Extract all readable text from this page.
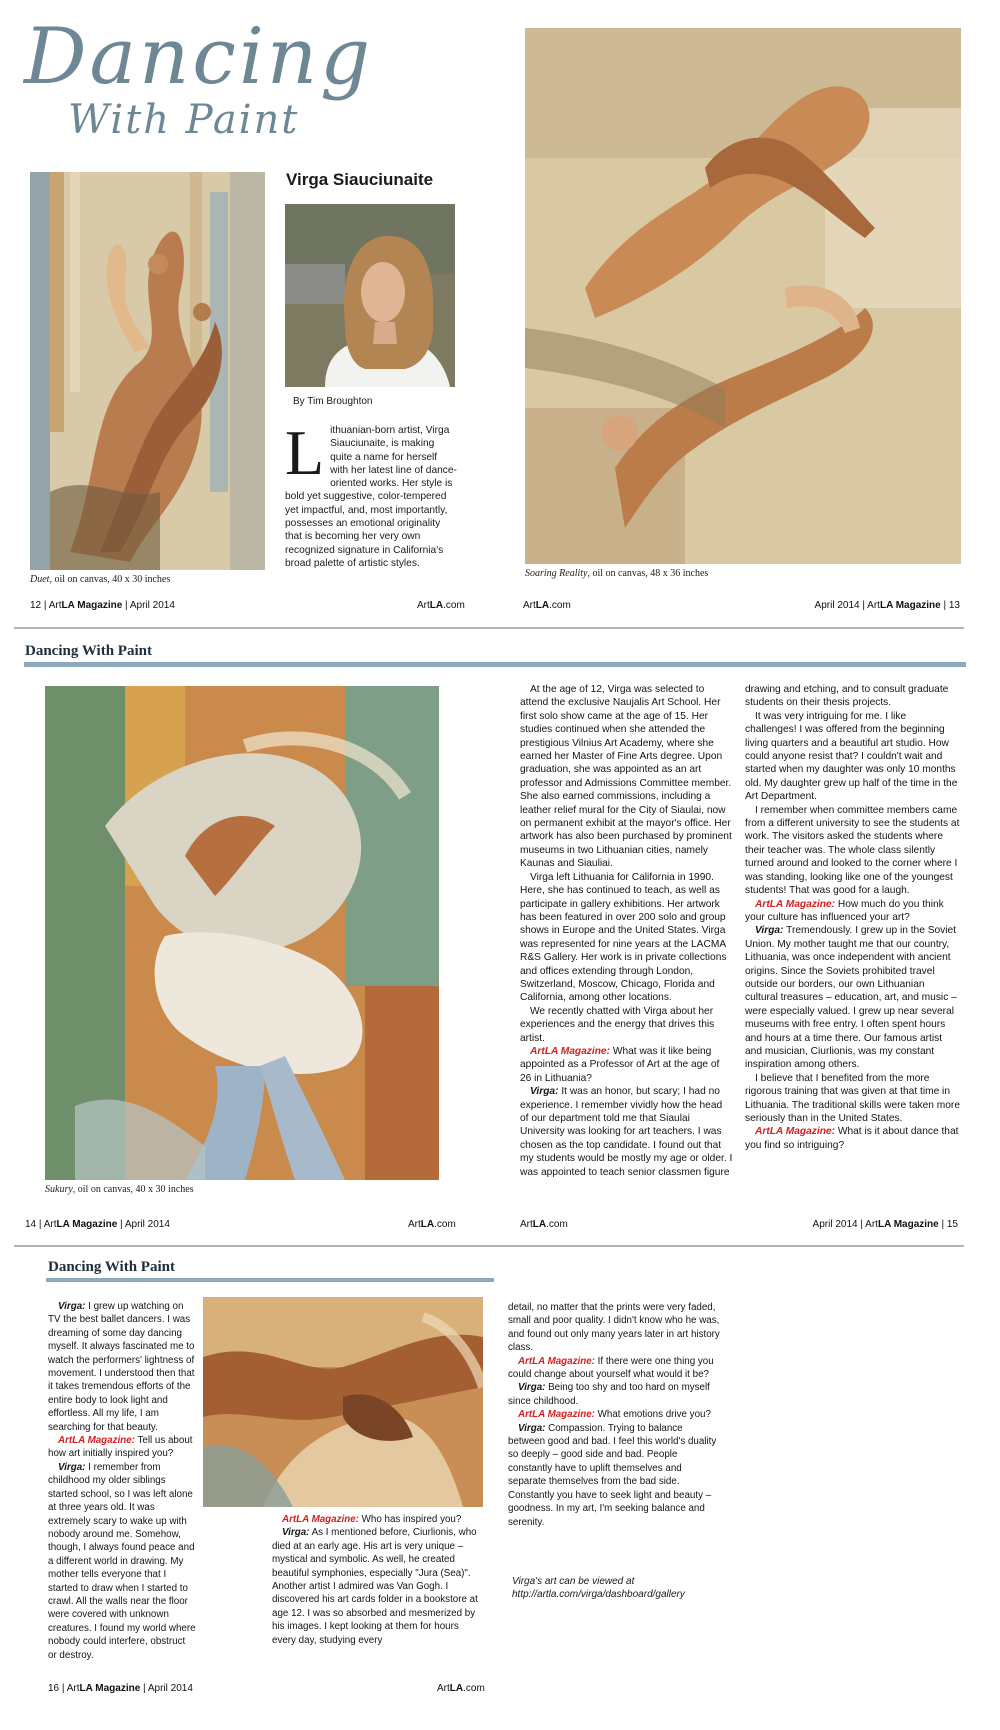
Dancing
With Paint
Duet, oil on canvas, 40 x 30 inches
Virga Siauciunaite
By Tim Broughton
Lithuanian-born artist, Virga Siauciunaite, is making quite a name for herself with her latest line of dance-oriented works. Her style is bold yet suggestive, color-tempered yet impactful, and, most importantly, possesses an emotional originality that is becoming her very own recognized signature in California's broad palette of artistic styles.
Soaring Reality, oil on canvas, 48 x 36 inches
12 | ArtLA Magazine | April 2014	ArtLA.com	ArtLA.com	April 2014 | ArtLA Magazine | 13
Dancing With Paint
Sukury, oil on canvas, 40 x 30 inches

At the age of 12, Virga was selected to attend the exclusive Naujalis Art School. Her first solo show came at the age of 15. Her studies continued when she attended the prestigious Vilnius Art Academy, where she earned her Master of Fine Arts degree. Upon graduation, she was appointed as an art professor and Admissions Committee member. She also earned commissions, including a leather relief mural for the City of Siaulai, now on permanent exhibit at the mayor's office. Her artwork has also been purchased by prominent museums in two Lithuanian cities, namely Kaunas and Siauliai.

Virga left Lithuania for California in 1990. Here, she has continued to teach, as well as participate in gallery exhibitions. Her artwork has been featured in over 200 solo and group shows in Europe and the United States. Virga was represented for nine years at the LACMA R&S Gallery. Her work is in private collections and offices extending through London, Switzerland, Moscow, Chicago, Florida and California, among other locations.

We recently chatted with Virga about her experiences and the energy that drives this artist.

ArtLA Magazine: What was it like being appointed as a Professor of Art at the age of 26 in Lithuania?

Virga: It was an honor, but scary; I had no experience. I remember vividly how the head of our department told me that Siaulai University was looking for art teachers. I was chosen as the top candidate. I found out that my students would be mostly my age or older. I was appointed to teach senior classmen figure

drawing and etching, and to consult graduate students on their thesis projects.

It was very intriguing for me. I like challenges! I was offered from the beginning living quarters and a beautiful art studio. How could anyone resist that? I couldn't wait and started when my daughter was only 10 months old. My daughter grew up half of the time in the Art Department.

I remember when committee members came from a different university to see the students at work. The visitors asked the students where their teacher was. The whole class silently turned around and looked to the corner where I was standing, looking like one of the youngest students! That was good for a laugh.

ArtLA Magazine: How much do you think your culture has influenced your art?

Virga: Tremendously. I grew up in the Soviet Union. My mother taught me that our country, Lithuania, was once independent with ancient origins. Since the Soviets prohibited travel outside our borders, our own Lithuanian cultural treasures – education, art, and music – were especially valued. I grew up near several museums with free entry. I often spent hours and hours at a time there. Our famous artist and musician, Ciurlionis, was my constant inspiration among others.

I believe that I benefited from the more rigorous training that was given at that time in Lithuania. The traditional skills were taken more seriously than in the United States.

ArtLA Magazine: What is it about dance that you find so intriguing?

14 | ArtLA Magazine | April 2014	ArtLA.com	ArtLA.com	April 2014 | ArtLA Magazine | 15
Dancing With Paint

Virga: I grew up watching on TV the best ballet dancers. I was dreaming of some day dancing myself. It always fascinated me to watch the performers' lightness of movement. I understood then that it takes tremendous efforts of the entire body to look light and effortless. All my life, I am searching for that beauty.

ArtLA Magazine: Tell us about how art initially inspired you?

Virga: I remember from childhood my older siblings started school, so I was left alone at three years old. It was extremely scary to wake up with nobody around me. Somehow, though, I always found peace and a different world in drawing. My mother tells everyone that I started to draw when I started to crawl. All the walls near the floor were covered with unknown creatures. I found my world where nobody could interfere, obstruct or destroy.

ArtLA Magazine: Who has inspired you?

Virga: As I mentioned before, Ciurlionis, who died at an early age. His art is very unique – mystical and symbolic. As well, he created beautiful symphonies, especially "Jura (Sea)". Another artist I admired was Van Gogh. I discovered his art cards folder in a bookstore at age 12. I was so absorbed and mesmerized by his images. I kept looking at them for hours every day, studying every

detail, no matter that the prints were very faded, small and poor quality. I didn't know who he was, and found out only many years later in art history class.

ArtLA Magazine: If there were one thing you could change about yourself what would it be?

Virga: Being too shy and too hard on myself since childhood.

ArtLA Magazine: What emotions drive you?

Virga: Compassion. Trying to balance between good and bad. I feel this world's duality so deeply – good side and bad. People constantly have to uplift themselves and separate themselves from the bad side. Constantly you have to seek light and beauty – goodness. In my art, I'm seeking balance and serenity.

Virga's art can be viewed at http://artla.com/virga/dashboard/gallery
16 | ArtLA Magazine | April 2014	ArtLA.com
